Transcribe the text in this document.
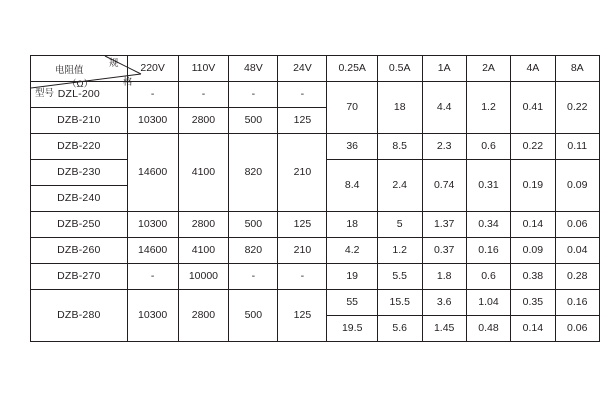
规
格
电阻值
（Ω）
型号	220V	110V	48V	24V	0.25A	0.5A	1A	2A	4A	8A

DZL-200	-	-	-	-	70	18	4.4	1.2	0.41	0.22
DZB-210	10300	2800	500	125						
DZB-220	14600	4100	820	210	36	8.5	2.3	0.6	0.22	0.11
DZB-230					8.4	2.4	0.74	0.31	0.19	0.09
DZB-240										
DZB-250	10300	2800	500	125	18	5	1.37	0.34	0.14	0.06
DZB-260	14600	4100	820	210	4.2	1.2	0.37	0.16	0.09	0.04
DZB-270	-	10000	-	-	19	5.5	1.8	0.6	0.38	0.28
DZB-280	10300	2800	500	125	55	15.5	3.6	1.04	0.35	0.16
					19.5	5.6	1.45	0.48	0.14	0.06
